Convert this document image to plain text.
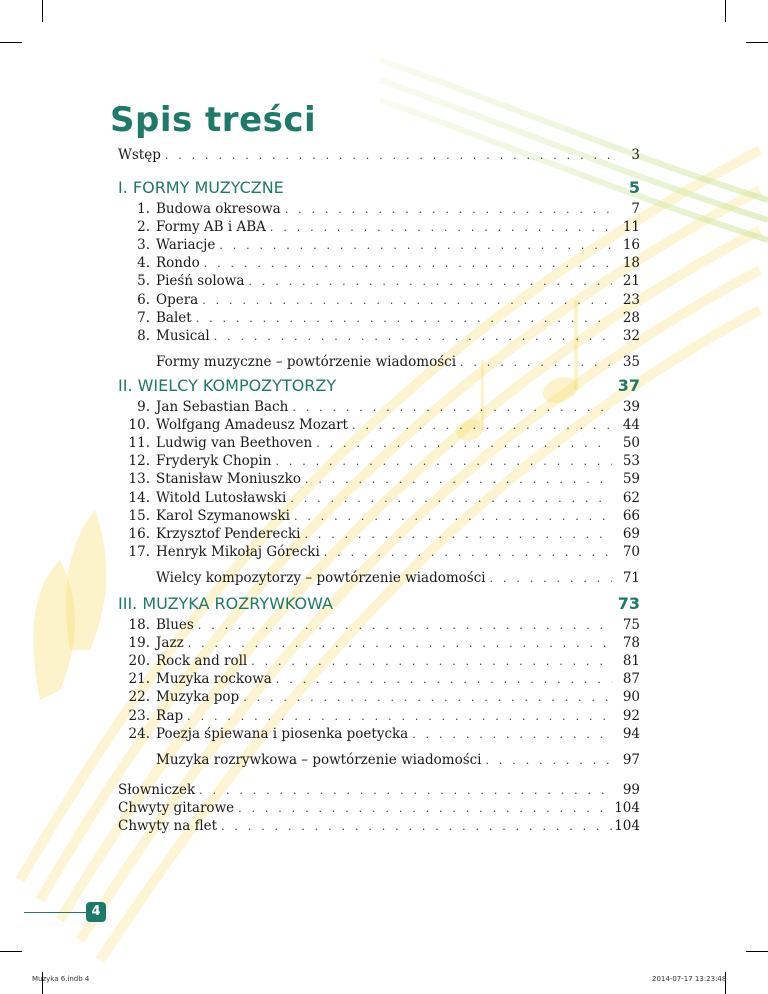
Spis treści
Wstęp . . .	3
I. FORMY MUZYCZNE	5
II. WIELCY KOMPOZYTORZY	37
III. MUZYKA ROZRYWKOWA	73
4
Muzyka 6.indb 4	2014-07-17 13:23:48
1. Budowa okresowa . . .	7
2. Formy AB i ABA . . .	11
3. Wariacje . . .	16
4. Rondo . . .	18
5. Pieśń solowa . . .	21
6. Opera . . .	23
7. Balet . . .	28
8. Musical . . .	32
Formy muzyczne – powtórzenie wiadomości . . .	35
9. Jan Sebastian Bach . . .	39
10. Wolfgang Amadeusz Mozart . . .	44
11. Ludwig van Beethoven . . .	50
12. Fryderyk Chopin . . .	53
13. Stanisław Moniuszko . . .	59
14. Witold Lutosławski . . .	62
15. Karol Szymanowski . . .	66
16. Krzysztof Penderecki . . .	69
17. Henryk Mikołaj Górecki . . .	70
Wielcy kompozytorzy – powtórzenie wiadomości . . .	71
18. Blues . . .	75
19. Jazz . . .	78
20. Rock and roll . . .	81
21. Muzyka rockowa . . .	87
22. Muzyka pop . . .	90
23. Rap . . .	92
24. Poezja śpiewana i piosenka poetycka . . .	94
Muzyka rozrywkowa – powtórzenie wiadomości . . .	97
Słowniczek . . .	99
Chwyty gitarowe . . .	104
Chwyty na flet . . .	104
